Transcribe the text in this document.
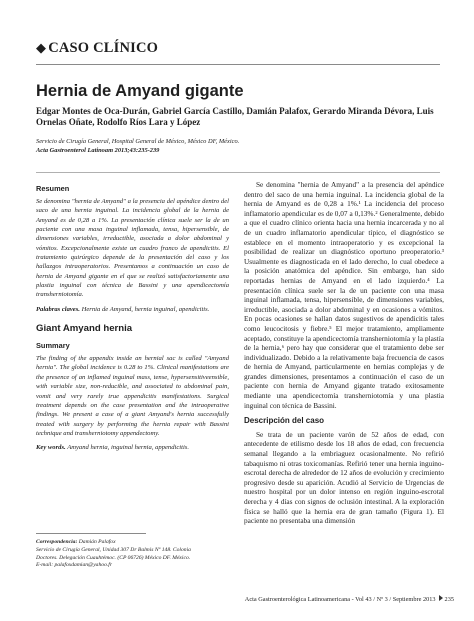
◆ CASO CLÍNICO
Hernia de Amyand gigante
Edgar Montes de Oca-Durán, Gabriel García Castillo, Damián Palafox, Gerardo Miranda Dévora, Luis Ornelas Oñate, Rodolfo Ríos Lara y López
Servicio de Cirugía General, Hospital General de México, México DF, México.
Acta Gastroenterol Latinoam 2013;43:235-239
Resumen
Se denomina "hernia de Amyand" a la presencia del apéndice dentro del saco de una hernia inguinal. La incidencia global de la hernia de Amyand es de 0,28 a 1%. La presentación clínica suele ser la de un paciente con una masa inguinal inflamada, tensa, hipersensible, de dimensiones variables, irreductible, asociada a dolor abdominal y vómitos. Excepcionalmente existe un cuadro franco de apendicitis. El tratamiento quirúrgico depende de la presentación del caso y los hallazgos intraoperatorios. Presentamos a continuación un caso de hernia de Amyand gigante en el que se realizó satisfactoriamente una plastia inguinal con técnica de Bassini y una apendicectomía transherniotomía.
Palabras claves. Hernia de Amyand, hernia inguinal, apendicitis.
Giant Amyand hernia
Summary
The finding of the appendix inside an hernial sac is called "Amyand hernia". The global incidence is 0.28 to 1%. Clinical manifestations are the presence of an inflamed inguinal mass, tense, hypersensitiveensible, with variable size, non-reducible, and associated to abdominal pain, vomit and very rarely true appendicitis manifestations. Surgical treatment depends on the case presentation and the intraoperative findings. We present a case of a giant Amyand's hernia successfully treated with surgery by performing the hernia repair with Bassini technique and transherniotomy appendectomy.
Key words. Amyand hernia, inguinal hernia, appendicitis.

Se denomina "hernia de Amyand" a la presencia del apéndice dentro del saco de una hernia inguinal. La incidencia global de la hernia de Amyand es de 0,28 a 1%.¹ La incidencia del proceso inflamatorio apendicular es de 0,07 a 0,13%.² Generalmente, debido a que el cuadro clínico orienta hacia una hernia incarcerada y no al de un cuadro inflamatorio apendicular típico, el diagnóstico se establece en el momento intraoperatorio y es excepcional la posibilidad de realizar un diagnóstico oportuno preoperatorio.³ Usualmente es diagnosticada en el lado derecho, lo cual obedece a la posición anatómica del apéndice. Sin embargo, han sido reportadas hernias de Amyand en el lado izquierdo.⁴ La presentación clínica suele ser la de un paciente con una masa inguinal inflamada, tensa, hipersensible, de dimensiones variables, irreductible, asociada a dolor abdominal y en ocasiones a vómitos. En pocas ocasiones se hallan datos sugestivos de apendicitis tales como leucocitosis y fiebre.⁵ El mejor tratamiento, ampliamente aceptado, constituye la apendicectomía transherniotomía y la plastía de la hernia,⁶ pero hay que considerar que el tratamiento debe ser individualizado. Debido a la relativamente baja frecuencia de casos de hernia de Amyand, particularmente en hernias complejas y de grandes dimensiones, presentamos a continuación el caso de un paciente con hernia de Amyand gigante tratado exitosamente mediante una apendicectomía transherniotomía y una plastia inguinal con técnica de Bassini.

Descripción del caso

Se trata de un paciente varón de 52 años de edad, con antecedente de etilismo desde los 18 años de edad, con frecuencia semanal llegando a la embriaguez ocasionalmente. No refirió tabaquismo ni otras toxicomanías. Refirió tener una hernia inguino-escrotal derecha de alrededor de 12 años de evolución y crecimiento progresivo desde su aparición. Acudió al Servicio de Urgencias de nuestro hospital por un dolor intenso en región inguino-escrotal derecha y 4 días con signos de oclusión intestinal. A la exploración física se halló que la hernia era de gran tamaño (Figura 1). El paciente no presentaba una dimensión

Correspondencia: Damián Palafox
Servicio de Cirugía General, Unidad 307 Dr Balmis Nº 148. Colonia
Doctores. Delegación Cuauhtémoc. (CP 06726) México DF. México.
E-mail: palafoxdamian@yahoo.fr
Acta Gastroenterológica Latinoamericana - Vol 43 / Nº 3 / Septiembre 2013 235
